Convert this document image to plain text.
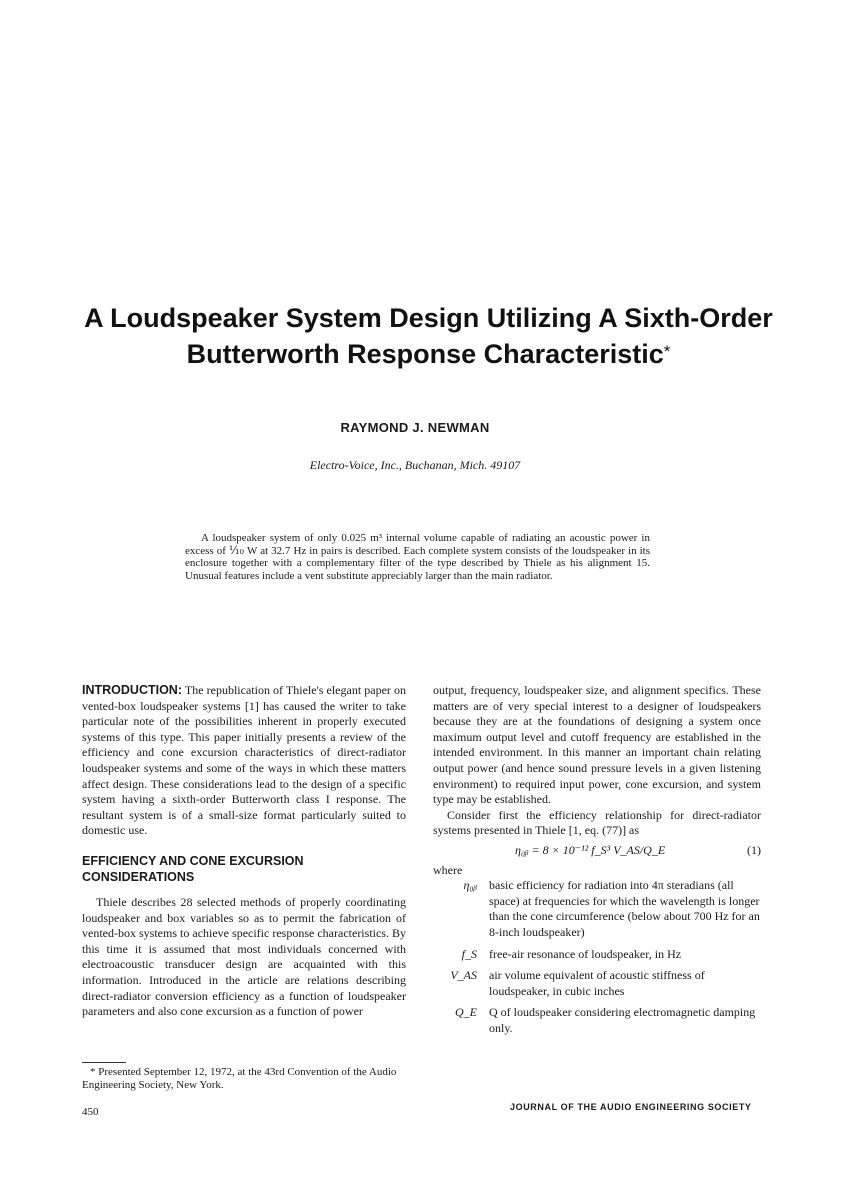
A Loudspeaker System Design Utilizing A Sixth-Order
Butterworth Response Characteristic*
RAYMOND J. NEWMAN
Electro-Voice, Inc., Buchanan, Mich. 49107

A loudspeaker system of only 0.025 m³ internal volume capable of radiating an acoustic power in excess of ⅒ W at 32.7 Hz in pairs is described. Each complete system consists of the loudspeaker in its enclosure together with a complementary filter of the type described by Thiele as his alignment 15. Unusual features include a vent substitute appreciably larger than the main radiator.

INTRODUCTION: The republication of Thiele's elegant paper on vented-box loudspeaker systems [1] has caused the writer to take particular note of the possibilities inherent in properly executed systems of this type. This paper initially presents a review of the efficiency and cone excursion characteristics of direct-radiator loudspeaker systems and some of the ways in which these matters affect design. These considerations lead to the design of a specific system having a sixth-order Butterworth class I response. The resultant system is of a small-size format particularly suited to domestic use.

EFFICIENCY AND CONE EXCURSION CONSIDERATIONS

Thiele describes 28 selected methods of properly coordinating loudspeaker and box variables so as to permit the fabrication of vented-box systems to achieve specific response characteristics. By this time it is assumed that most individuals concerned with electroacoustic transducer design are acquainted with this information. Introduced in the article are relations describing direct-radiator conversion efficiency as a function of loudspeaker parameters and also cone excursion as a function of power

output, frequency, loudspeaker size, and alignment specifics. These matters are of very special interest to a designer of loudspeakers because they are at the foundations of designing a system once maximum output level and cutoff frequency are established in the intended environment. In this manner an important chain relating output power (and hence sound pressure levels in a given listening environment) to required input power, cone excursion, and system type may be established.

Consider first the efficiency relationship for direct-radiator systems presented in Thiele [1, eq. (77)] as

η₀ᵦ = 8 × 10⁻¹² f_S³ V_AS/Q_E	(1)

where

η₀ᵦ	basic efficiency for radiation into 4π steradians (all space) at frequencies for which the wavelength is longer than the cone circumference (below about 700 Hz for an 8-inch loudspeaker)
f_S	free-air resonance of loudspeaker, in Hz
V_AS	air volume equivalent of acoustic stiffness of loudspeaker, in cubic inches
Q_E	Q of loudspeaker considering electromagnetic damping only.

* Presented September 12, 1972, at the 43rd Convention of the Audio Engineering Society, New York.

450	JOURNAL OF THE AUDIO ENGINEERING SOCIETY
